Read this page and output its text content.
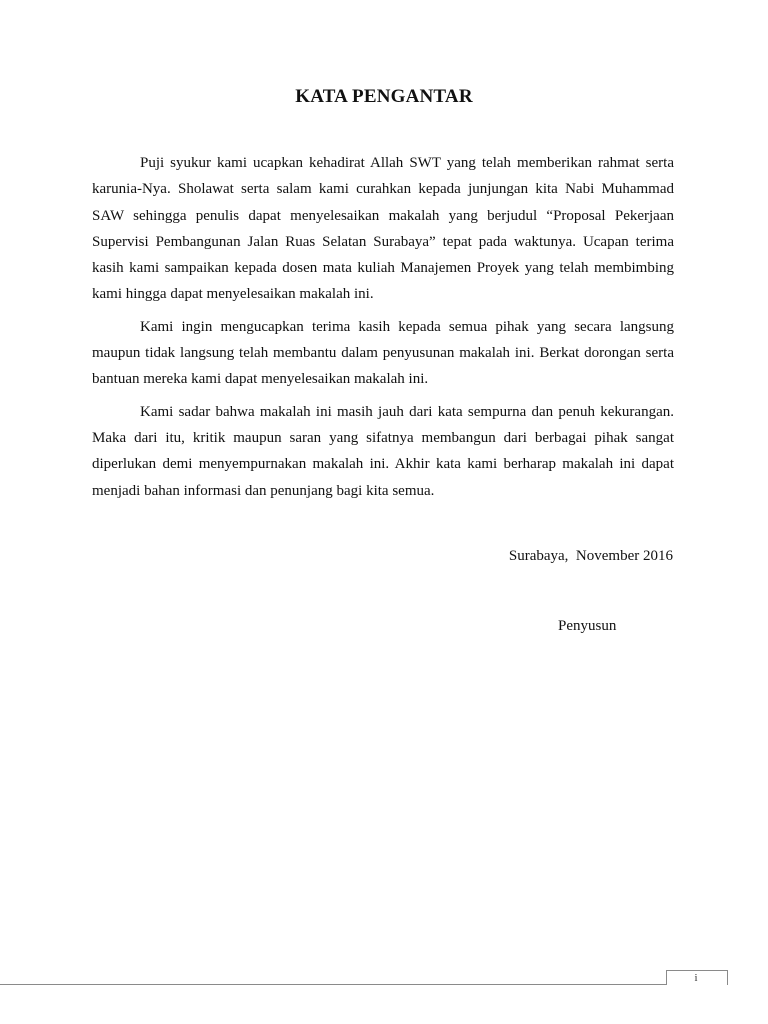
KATA PENGANTAR

Puji syukur kami ucapkan kehadirat Allah SWT yang telah memberikan rahmat serta karunia-Nya. Sholawat serta salam kami curahkan kepada junjungan kita Nabi Muhammad SAW sehingga penulis dapat menyelesaikan makalah yang berjudul “Proposal Pekerjaan Supervisi Pembangunan Jalan Ruas Selatan Surabaya” tepat pada waktunya. Ucapan terima kasih kami sampaikan kepada dosen mata kuliah Manajemen Proyek yang telah membimbing kami hingga dapat menyelesaikan makalah ini.

Kami ingin mengucapkan terima kasih kepada semua pihak yang secara langsung maupun tidak langsung telah membantu dalam penyusunan makalah ini. Berkat dorongan serta bantuan mereka kami dapat menyelesaikan makalah ini.

Kami sadar bahwa makalah ini masih jauh dari kata sempurna dan penuh kekurangan. Maka dari itu, kritik maupun saran yang sifatnya membangun dari berbagai pihak sangat diperlukan demi menyempurnakan makalah ini. Akhir kata kami berharap makalah ini dapat menjadi bahan informasi dan penunjang bagi kita semua.

Surabaya,  November 2016
Penyusun
i
